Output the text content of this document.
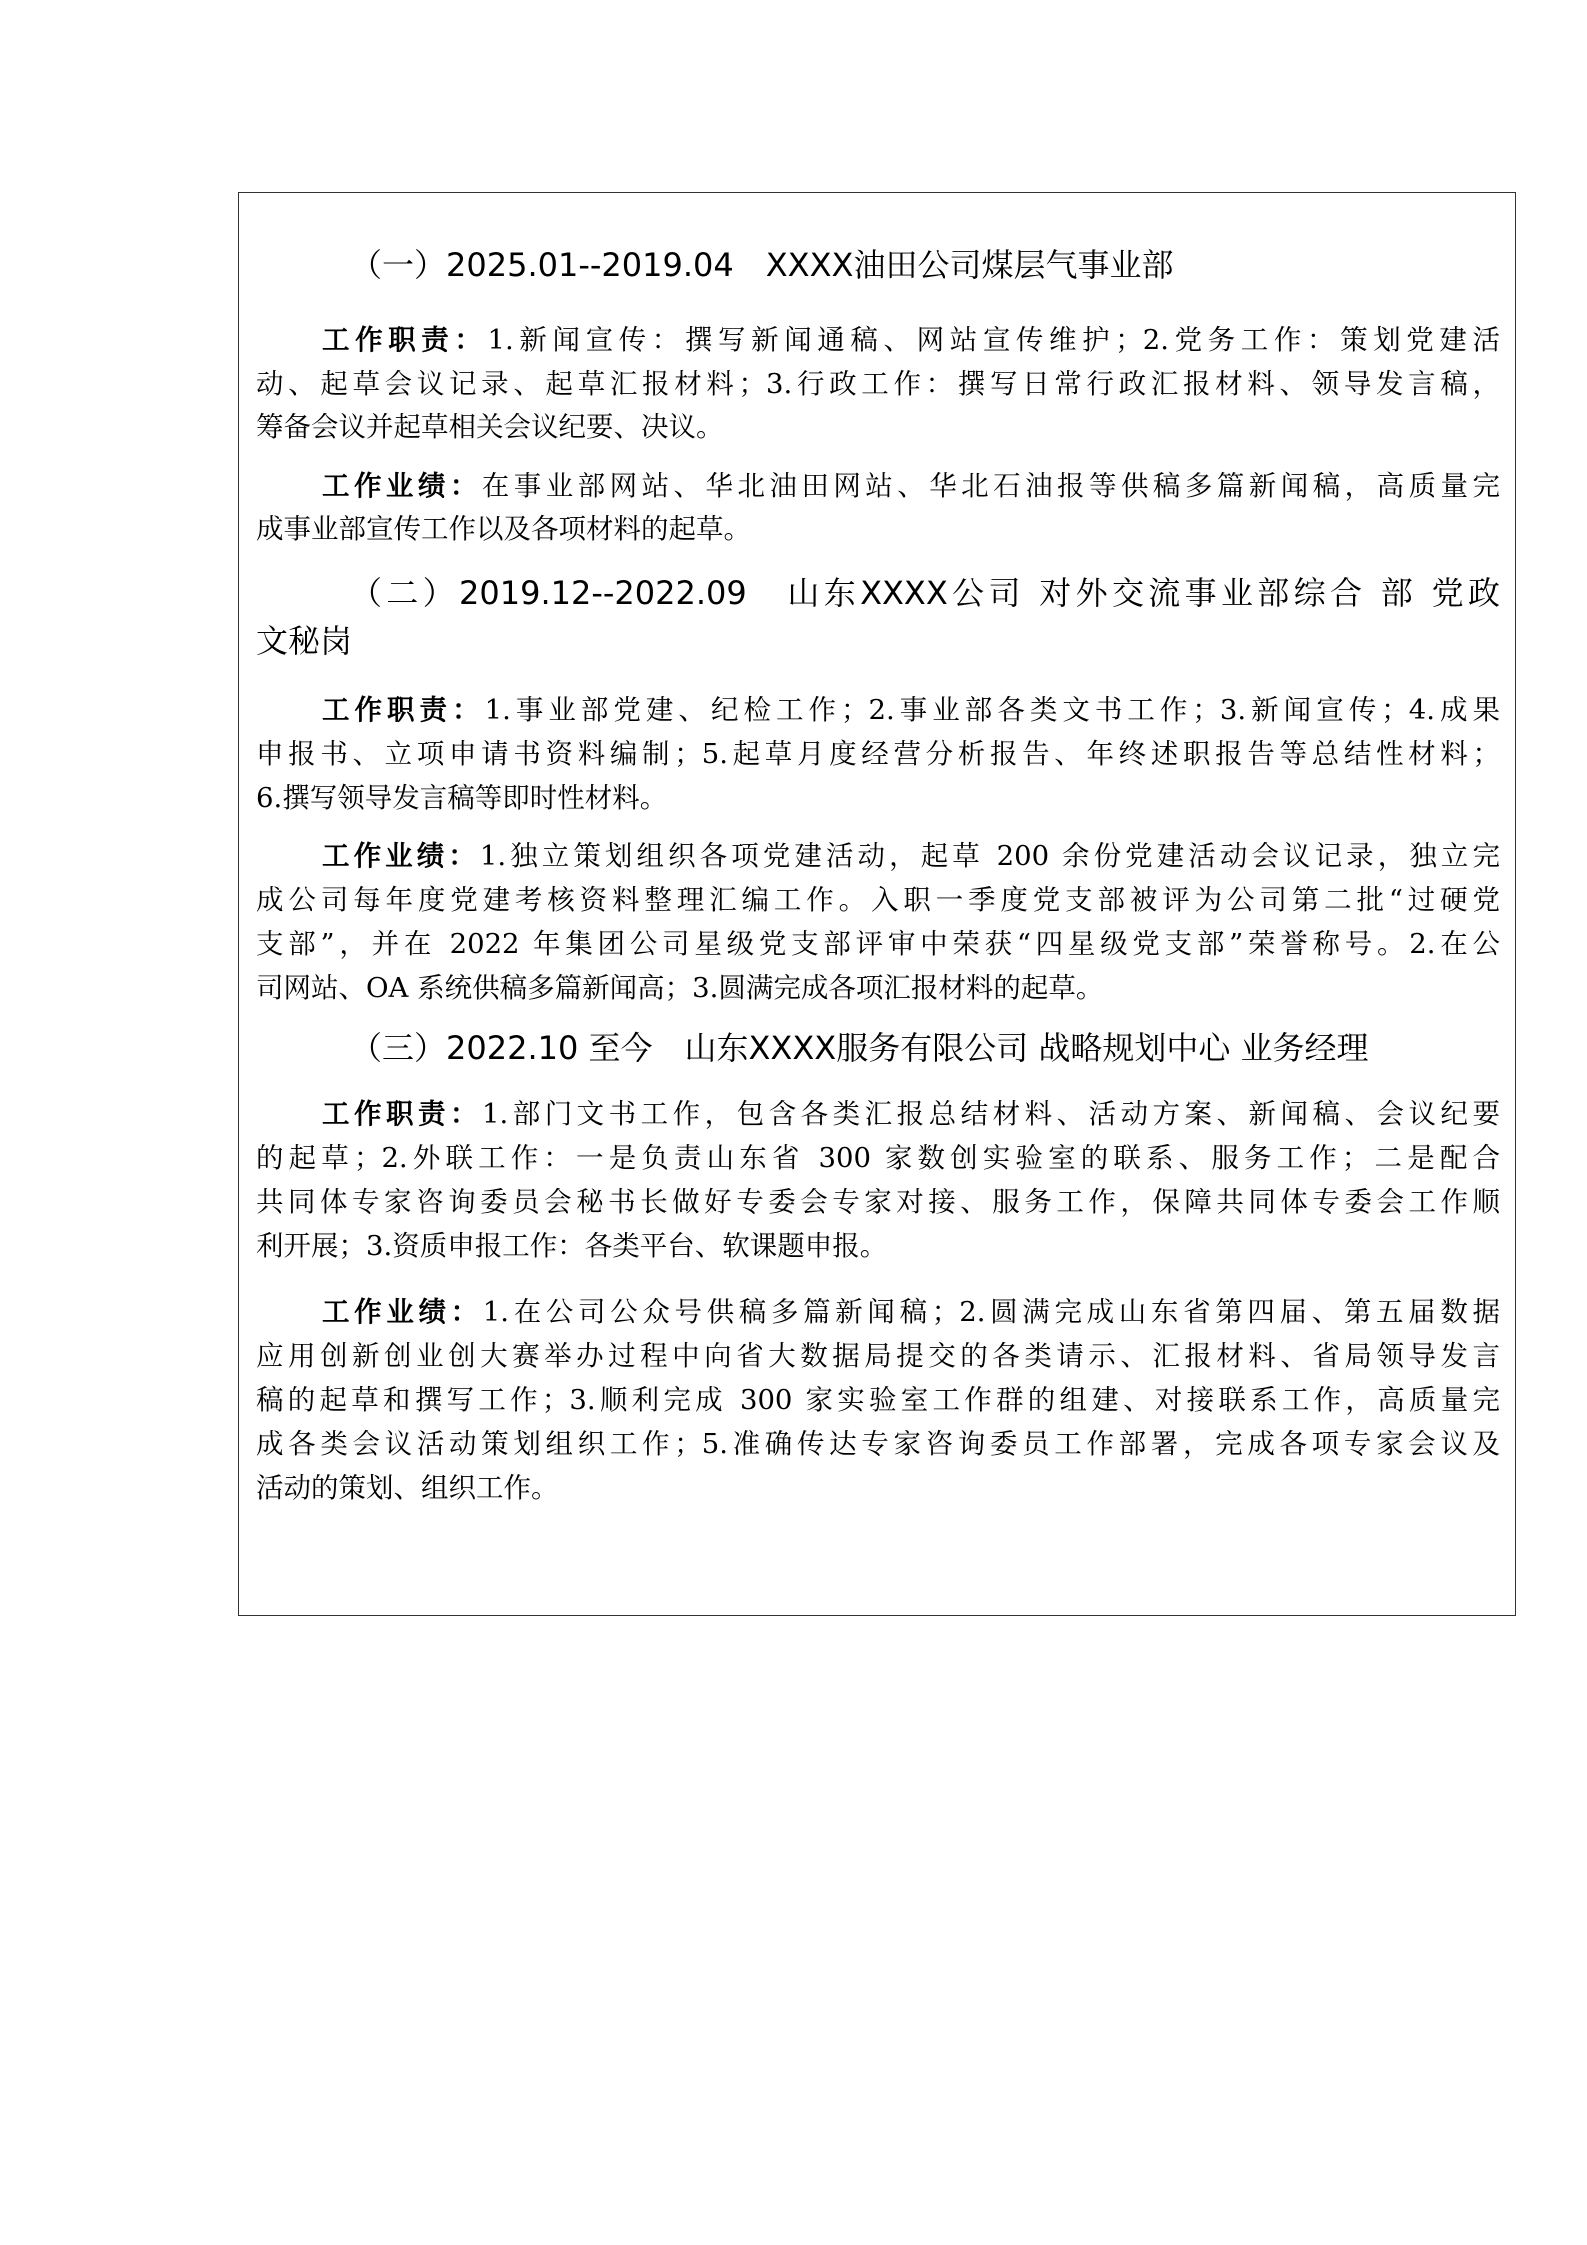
（一）2025.01--2019.04　XXXX油田公司煤层气事业部
工作职责：1.新闻宣传：撰写新闻通稿、网站宣传维护；2.党务工作：策划党建活
动、起草会议记录、起草汇报材料；3.行政工作：撰写日常行政汇报材料、领导发言稿，
筹备会议并起草相关会议纪要、决议。
工作业绩：在事业部网站、华北油田网站、华北石油报等供稿多篇新闻稿，高质量完
成事业部宣传工作以及各项材料的起草。
（二）2019.12--2022.09　山东XXXX公司 对外交流事业部综合 部 党政
文秘岗
工作职责：1.事业部党建、纪检工作；2.事业部各类文书工作；3.新闻宣传；4.成果
申报书、立项申请书资料编制；5.起草月度经营分析报告、年终述职报告等总结性材料；
6.撰写领导发言稿等即时性材料。
工作业绩：1.独立策划组织各项党建活动，起草 200 余份党建活动会议记录，独立完
成公司每年度党建考核资料整理汇编工作。入职一季度党支部被评为公司第二批“过硬党
支部”，并在 2022 年集团公司星级党支部评审中荣获“四星级党支部”荣誉称号。2.在公
司网站、OA 系统供稿多篇新闻高；3.圆满完成各项汇报材料的起草。
（三）2022.10 至今　山东XXXX服务有限公司 战略规划中心 业务经理
工作职责：1.部门文书工作，包含各类汇报总结材料、活动方案、新闻稿、会议纪要
的起草；2.外联工作：一是负责山东省 300 家数创实验室的联系、服务工作；二是配合
共同体专家咨询委员会秘书长做好专委会专家对接、服务工作，保障共同体专委会工作顺
利开展；3.资质申报工作：各类平台、软课题申报。
工作业绩：1.在公司公众号供稿多篇新闻稿；2.圆满完成山东省第四届、第五届数据
应用创新创业创大赛举办过程中向省大数据局提交的各类请示、汇报材料、省局领导发言
稿的起草和撰写工作；3.顺利完成 300 家实验室工作群的组建、对接联系工作，高质量完
成各类会议活动策划组织工作；5.准确传达专家咨询委员工作部署，完成各项专家会议及
活动的策划、组织工作。
